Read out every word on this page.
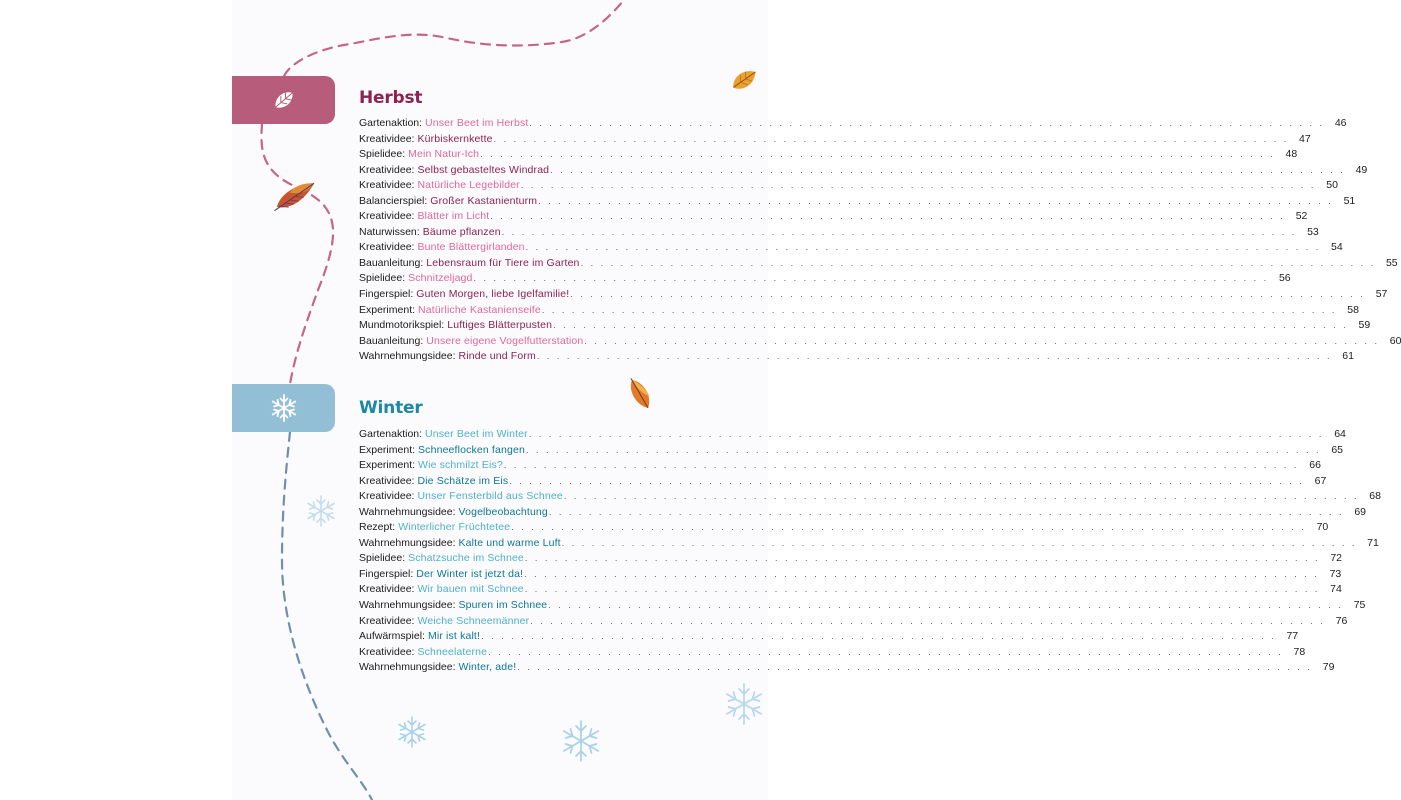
Herbst
Gartenaktion : Unser Beet im Herbst . . . . . . . . . . . . . . . . . . . . . . . . . . . . . . . . . . . . . . . . . . . . . . . . . . . . . . . . . . . . . . . . . . . . . . . . . . . . . . . . 46
Kreatividee : Kürbiskernkette . . . . . . . . . . . . . . . . . . . . . . . . . . . . . . . . . . . . . . . . . . . . . . . . . . . . . . . . . . . . . . . . . . . . . . . . . . . . . . . . 47
Spielidee : Mein Natur-Ich . . . . . . . . . . . . . . . . . . . . . . . . . . . . . . . . . . . . . . . . . . . . . . . . . . . . . . . . . . . . . . . . . . . . . . . . . . . . . . . . 48
Kreatividee : Selbst gebasteltes Windrad . . . . . . . . . . . . . . . . . . . . . . . . . . . . . . . . . . . . . . . . . . . . . . . . . . . . . . . . . . . . . . . . . . . . . . . . . . . . . . . . 49
Kreatividee : Natürliche Legebilder . . . . . . . . . . . . . . . . . . . . . . . . . . . . . . . . . . . . . . . . . . . . . . . . . . . . . . . . . . . . . . . . . . . . . . . . . . . . . . . . 50
Balancierspiel : Großer Kastanienturm . . . . . . . . . . . . . . . . . . . . . . . . . . . . . . . . . . . . . . . . . . . . . . . . . . . . . . . . . . . . . . . . . . . . . . . . . . . . . . . . 51
Kreatividee : Blätter im Licht . . . . . . . . . . . . . . . . . . . . . . . . . . . . . . . . . . . . . . . . . . . . . . . . . . . . . . . . . . . . . . . . . . . . . . . . . . . . . . . . 52
Naturwissen : Bäume pflanzen . . . . . . . . . . . . . . . . . . . . . . . . . . . . . . . . . . . . . . . . . . . . . . . . . . . . . . . . . . . . . . . . . . . . . . . . . . . . . . . . 53
Kreatividee : Bunte Blättergirlanden . . . . . . . . . . . . . . . . . . . . . . . . . . . . . . . . . . . . . . . . . . . . . . . . . . . . . . . . . . . . . . . . . . . . . . . . . . . . . . . . 54
Bauanleitung : Lebensraum für Tiere im Garten . . . . . . . . . . . . . . . . . . . . . . . . . . . . . . . . . . . . . . . . . . . . . . . . . . . . . . . . . . . . . . . . . . . . . . . . . . . . . . . . 55
Spielidee : Schnitzeljagd . . . . . . . . . . . . . . . . . . . . . . . . . . . . . . . . . . . . . . . . . . . . . . . . . . . . . . . . . . . . . . . . . . . . . . . . . . . . . . . . 56
Fingerspiel : Guten Morgen, liebe Igelfamilie! . . . . . . . . . . . . . . . . . . . . . . . . . . . . . . . . . . . . . . . . . . . . . . . . . . . . . . . . . . . . . . . . . . . . . . . . . . . . . . . . 57
Experiment : Natürliche Kastanienseife . . . . . . . . . . . . . . . . . . . . . . . . . . . . . . . . . . . . . . . . . . . . . . . . . . . . . . . . . . . . . . . . . . . . . . . . . . . . . . . . 58
Mundmotorikspiel : Luftiges Blätterpusten . . . . . . . . . . . . . . . . . . . . . . . . . . . . . . . . . . . . . . . . . . . . . . . . . . . . . . . . . . . . . . . . . . . . . . . . . . . . . . . . 59
Bauanleitung : Unsere eigene Vogelfutterstation . . . . . . . . . . . . . . . . . . . . . . . . . . . . . . . . . . . . . . . . . . . . . . . . . . . . . . . . . . . . . . . . . . . . . . . . . . . . . . . . 60
Wahrnehmungsidee : Rinde und Form . . . . . . . . . . . . . . . . . . . . . . . . . . . . . . . . . . . . . . . . . . . . . . . . . . . . . . . . . . . . . . . . . . . . . . . . . . . . . . . . 61
Winter
Gartenaktion : Unser Beet im Winter . . . . . . . . . . . . . . . . . . . . . . . . . . . . . . . . . . . . . . . . . . . . . . . . . . . . . . . . . . . . . . . . . . . . . . . . . . . . . . . . 64
Experiment : Schneeflocken fangen . . . . . . . . . . . . . . . . . . . . . . . . . . . . . . . . . . . . . . . . . . . . . . . . . . . . . . . . . . . . . . . . . . . . . . . . . . . . . . . . 65
Experiment : Wie schmilzt Eis? . . . . . . . . . . . . . . . . . . . . . . . . . . . . . . . . . . . . . . . . . . . . . . . . . . . . . . . . . . . . . . . . . . . . . . . . . . . . . . . . 66
Kreatividee : Die Schätze im Eis . . . . . . . . . . . . . . . . . . . . . . . . . . . . . . . . . . . . . . . . . . . . . . . . . . . . . . . . . . . . . . . . . . . . . . . . . . . . . . . . 67
Kreatividee : Unser Fensterbild aus Schnee . . . . . . . . . . . . . . . . . . . . . . . . . . . . . . . . . . . . . . . . . . . . . . . . . . . . . . . . . . . . . . . . . . . . . . . . . . . . . . . . 68
Wahrnehmungsidee : Vogelbeobachtung . . . . . . . . . . . . . . . . . . . . . . . . . . . . . . . . . . . . . . . . . . . . . . . . . . . . . . . . . . . . . . . . . . . . . . . . . . . . . . . . 69
Rezept : Winterlicher Früchtetee . . . . . . . . . . . . . . . . . . . . . . . . . . . . . . . . . . . . . . . . . . . . . . . . . . . . . . . . . . . . . . . . . . . . . . . . . . . . . . . . 70
Wahrnehmungsidee : Kalte und warme Luft . . . . . . . . . . . . . . . . . . . . . . . . . . . . . . . . . . . . . . . . . . . . . . . . . . . . . . . . . . . . . . . . . . . . . . . . . . . . . . . . 71
Spielidee : Schatzsuche im Schnee . . . . . . . . . . . . . . . . . . . . . . . . . . . . . . . . . . . . . . . . . . . . . . . . . . . . . . . . . . . . . . . . . . . . . . . . . . . . . . . . 72
Fingerspiel : Der Winter ist jetzt da! . . . . . . . . . . . . . . . . . . . . . . . . . . . . . . . . . . . . . . . . . . . . . . . . . . . . . . . . . . . . . . . . . . . . . . . . . . . . . . . . 73
Kreatividee : Wir bauen mit Schnee . . . . . . . . . . . . . . . . . . . . . . . . . . . . . . . . . . . . . . . . . . . . . . . . . . . . . . . . . . . . . . . . . . . . . . . . . . . . . . . . 74
Wahrnehmungsidee : Spuren im Schnee . . . . . . . . . . . . . . . . . . . . . . . . . . . . . . . . . . . . . . . . . . . . . . . . . . . . . . . . . . . . . . . . . . . . . . . . . . . . . . . . 75
Kreatividee : Weiche Schneemänner . . . . . . . . . . . . . . . . . . . . . . . . . . . . . . . . . . . . . . . . . . . . . . . . . . . . . . . . . . . . . . . . . . . . . . . . . . . . . . . . 76
Aufwärmspiel : Mir ist kalt! . . . . . . . . . . . . . . . . . . . . . . . . . . . . . . . . . . . . . . . . . . . . . . . . . . . . . . . . . . . . . . . . . . . . . . . . . . . . . . . . 77
Kreatividee : Schneelaterne . . . . . . . . . . . . . . . . . . . . . . . . . . . . . . . . . . . . . . . . . . . . . . . . . . . . . . . . . . . . . . . . . . . . . . . . . . . . . . . . 78
Wahrnehmungsidee : Winter, ade! . . . . . . . . . . . . . . . . . . . . . . . . . . . . . . . . . . . . . . . . . . . . . . . . . . . . . . . . . . . . . . . . . . . . . . . . . . . . . . . . 79
